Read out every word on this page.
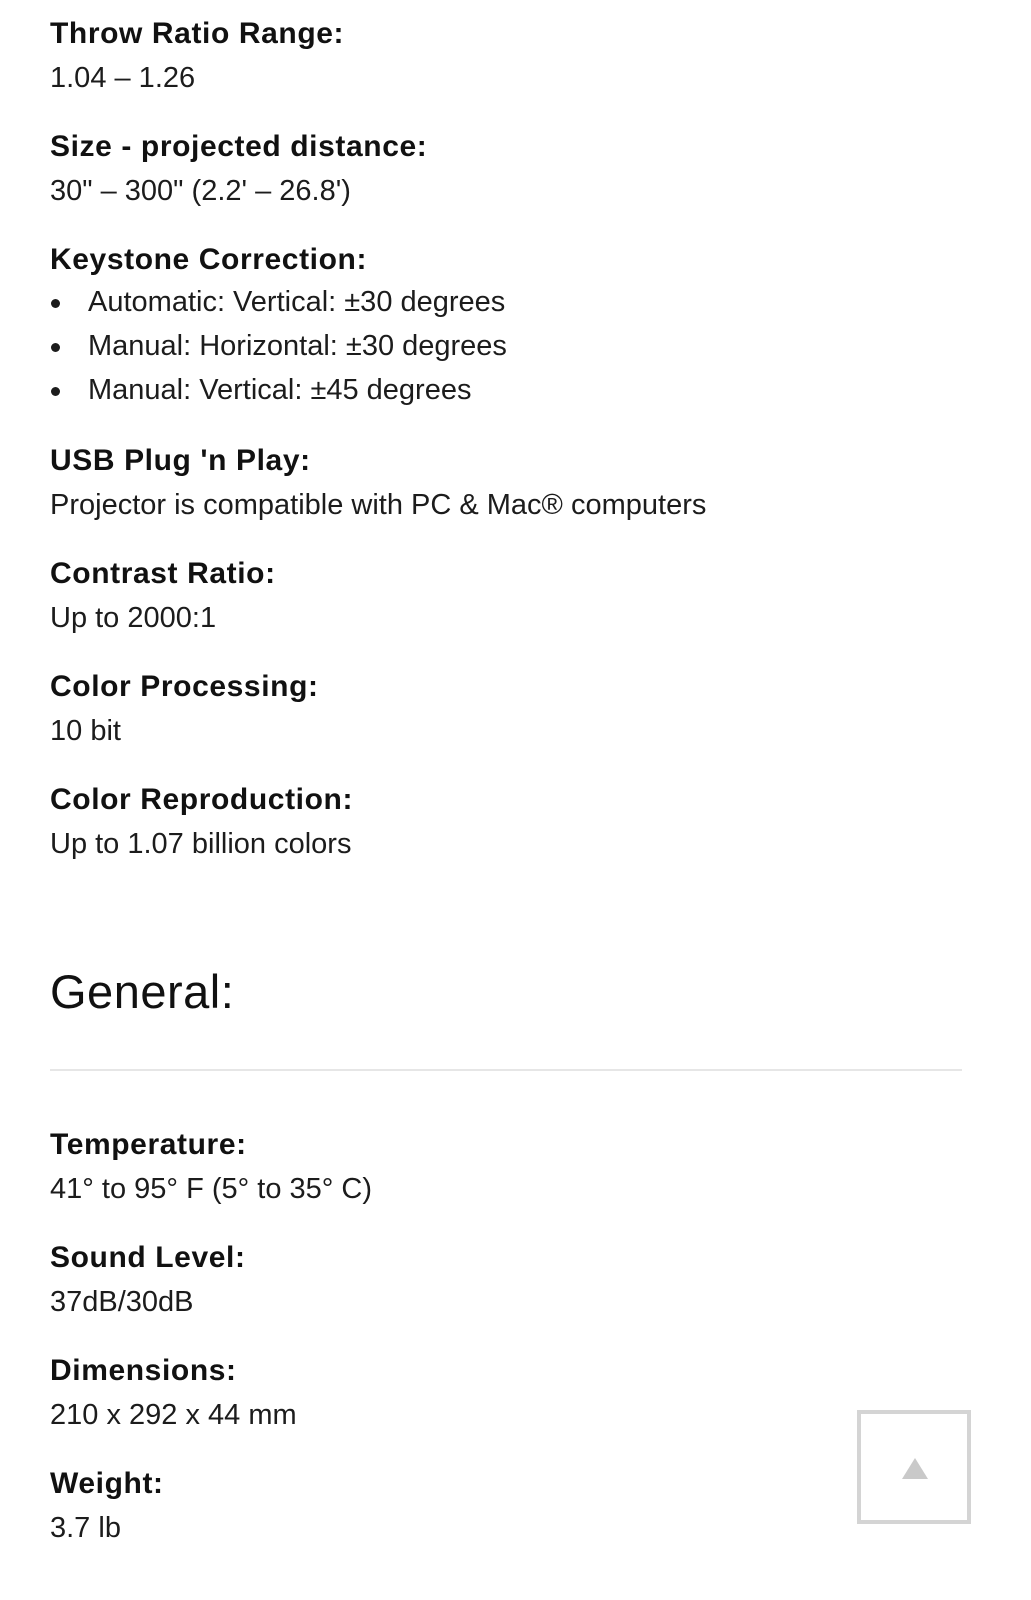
Throw Ratio Range:
1.04 – 1.26
Size - projected distance:
30" – 300" (2.2' – 26.8')
Keystone Correction:
Automatic: Vertical: ±30 degrees
Manual: Horizontal: ±30 degrees
Manual: Vertical: ±45 degrees
USB Plug 'n Play:
Projector is compatible with PC & Mac® computers
Contrast Ratio:
Up to 2000:1
Color Processing:
10 bit
Color Reproduction:
Up to 1.07 billion colors
General:
Temperature:
41° to 95° F (5° to 35° C)
Sound Level:
37dB/30dB
Dimensions:
210 x 292 x 44 mm
Weight:
3.7 lb
